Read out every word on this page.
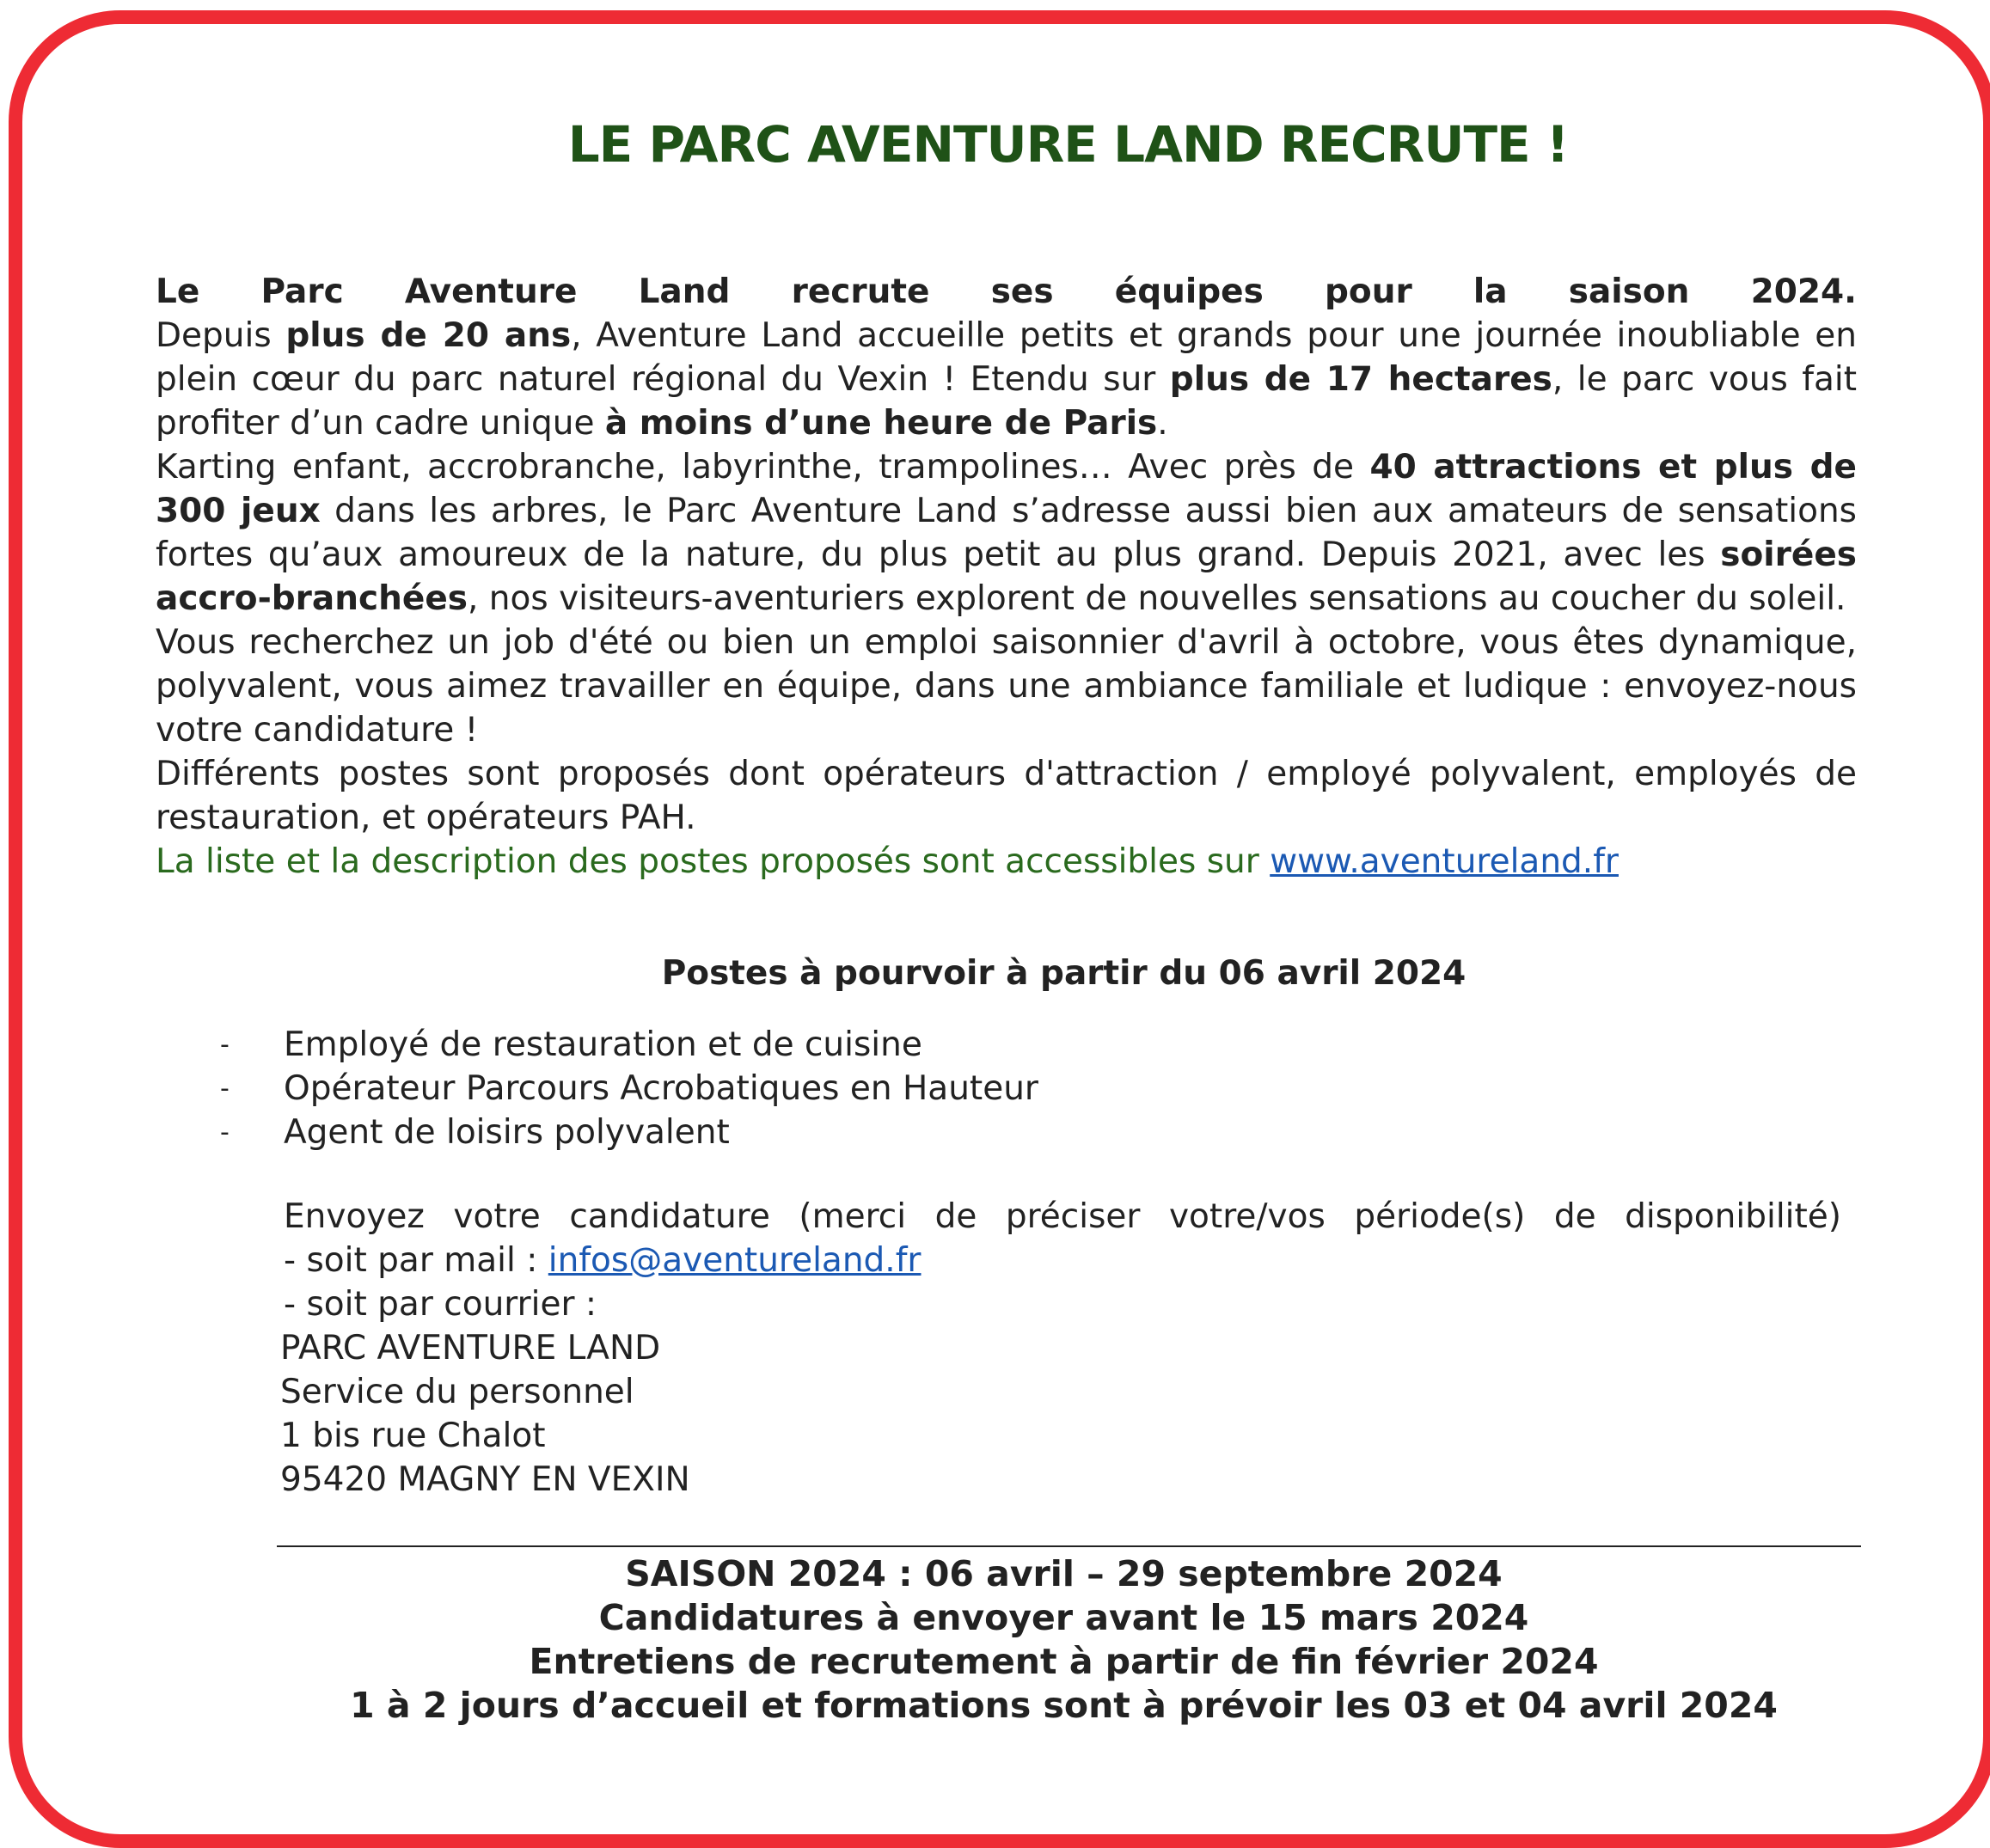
LE PARC AVENTURE LAND RECRUTE !

Le Parc Aventure Land recrute ses équipes pour la saison 2024.

Depuis plus de 20 ans, Aventure Land accueille petits et grands pour une journée inoubliable en plein cœur du parc naturel régional du Vexin ! Etendu sur plus de 17 hectares, le parc vous fait profiter d’un cadre unique à moins d’une heure de Paris.

Karting enfant, accrobranche, labyrinthe, trampolines… Avec près de 40 attractions et plus de 300 jeux dans les arbres, le Parc Aventure Land s’adresse aussi bien aux amateurs de sensations fortes qu’aux amoureux de la nature, du plus petit au plus grand. Depuis 2021, avec les soirées accro-branchées, nos visiteurs-aventuriers explorent de nouvelles sensations au coucher du soleil.

Vous recherchez un job d'été ou bien un emploi saisonnier d'avril à octobre, vous êtes dynamique, polyvalent, vous aimez travailler en équipe, dans une ambiance familiale et ludique : envoyez-nous votre candidature !

Différents postes sont proposés dont opérateurs d'attraction / employé polyvalent, employés de restauration, et opérateurs PAH.

La liste et la description des postes proposés sont accessibles sur www.aventureland.fr

Postes à pourvoir à partir du 06 avril 2024
- Employé de restauration et de cuisine
- Opérateur Parcours Acrobatiques en Hauteur
- Agent de loisirs polyvalent

Envoyez votre candidature (merci de préciser votre/vos période(s) de disponibilité)

- soit par mail : infos@aventureland.fr

- soit par courrier :

PARC AVENTURE LAND

Service du personnel

1 bis rue Chalot

95420 MAGNY EN VEXIN

SAISON 2024 : 06 avril – 29 septembre 2024

Candidatures à envoyer avant le 15 mars 2024

Entretiens de recrutement à partir de fin février 2024

1 à 2 jours d’accueil et formations sont à prévoir les 03 et 04 avril 2024
